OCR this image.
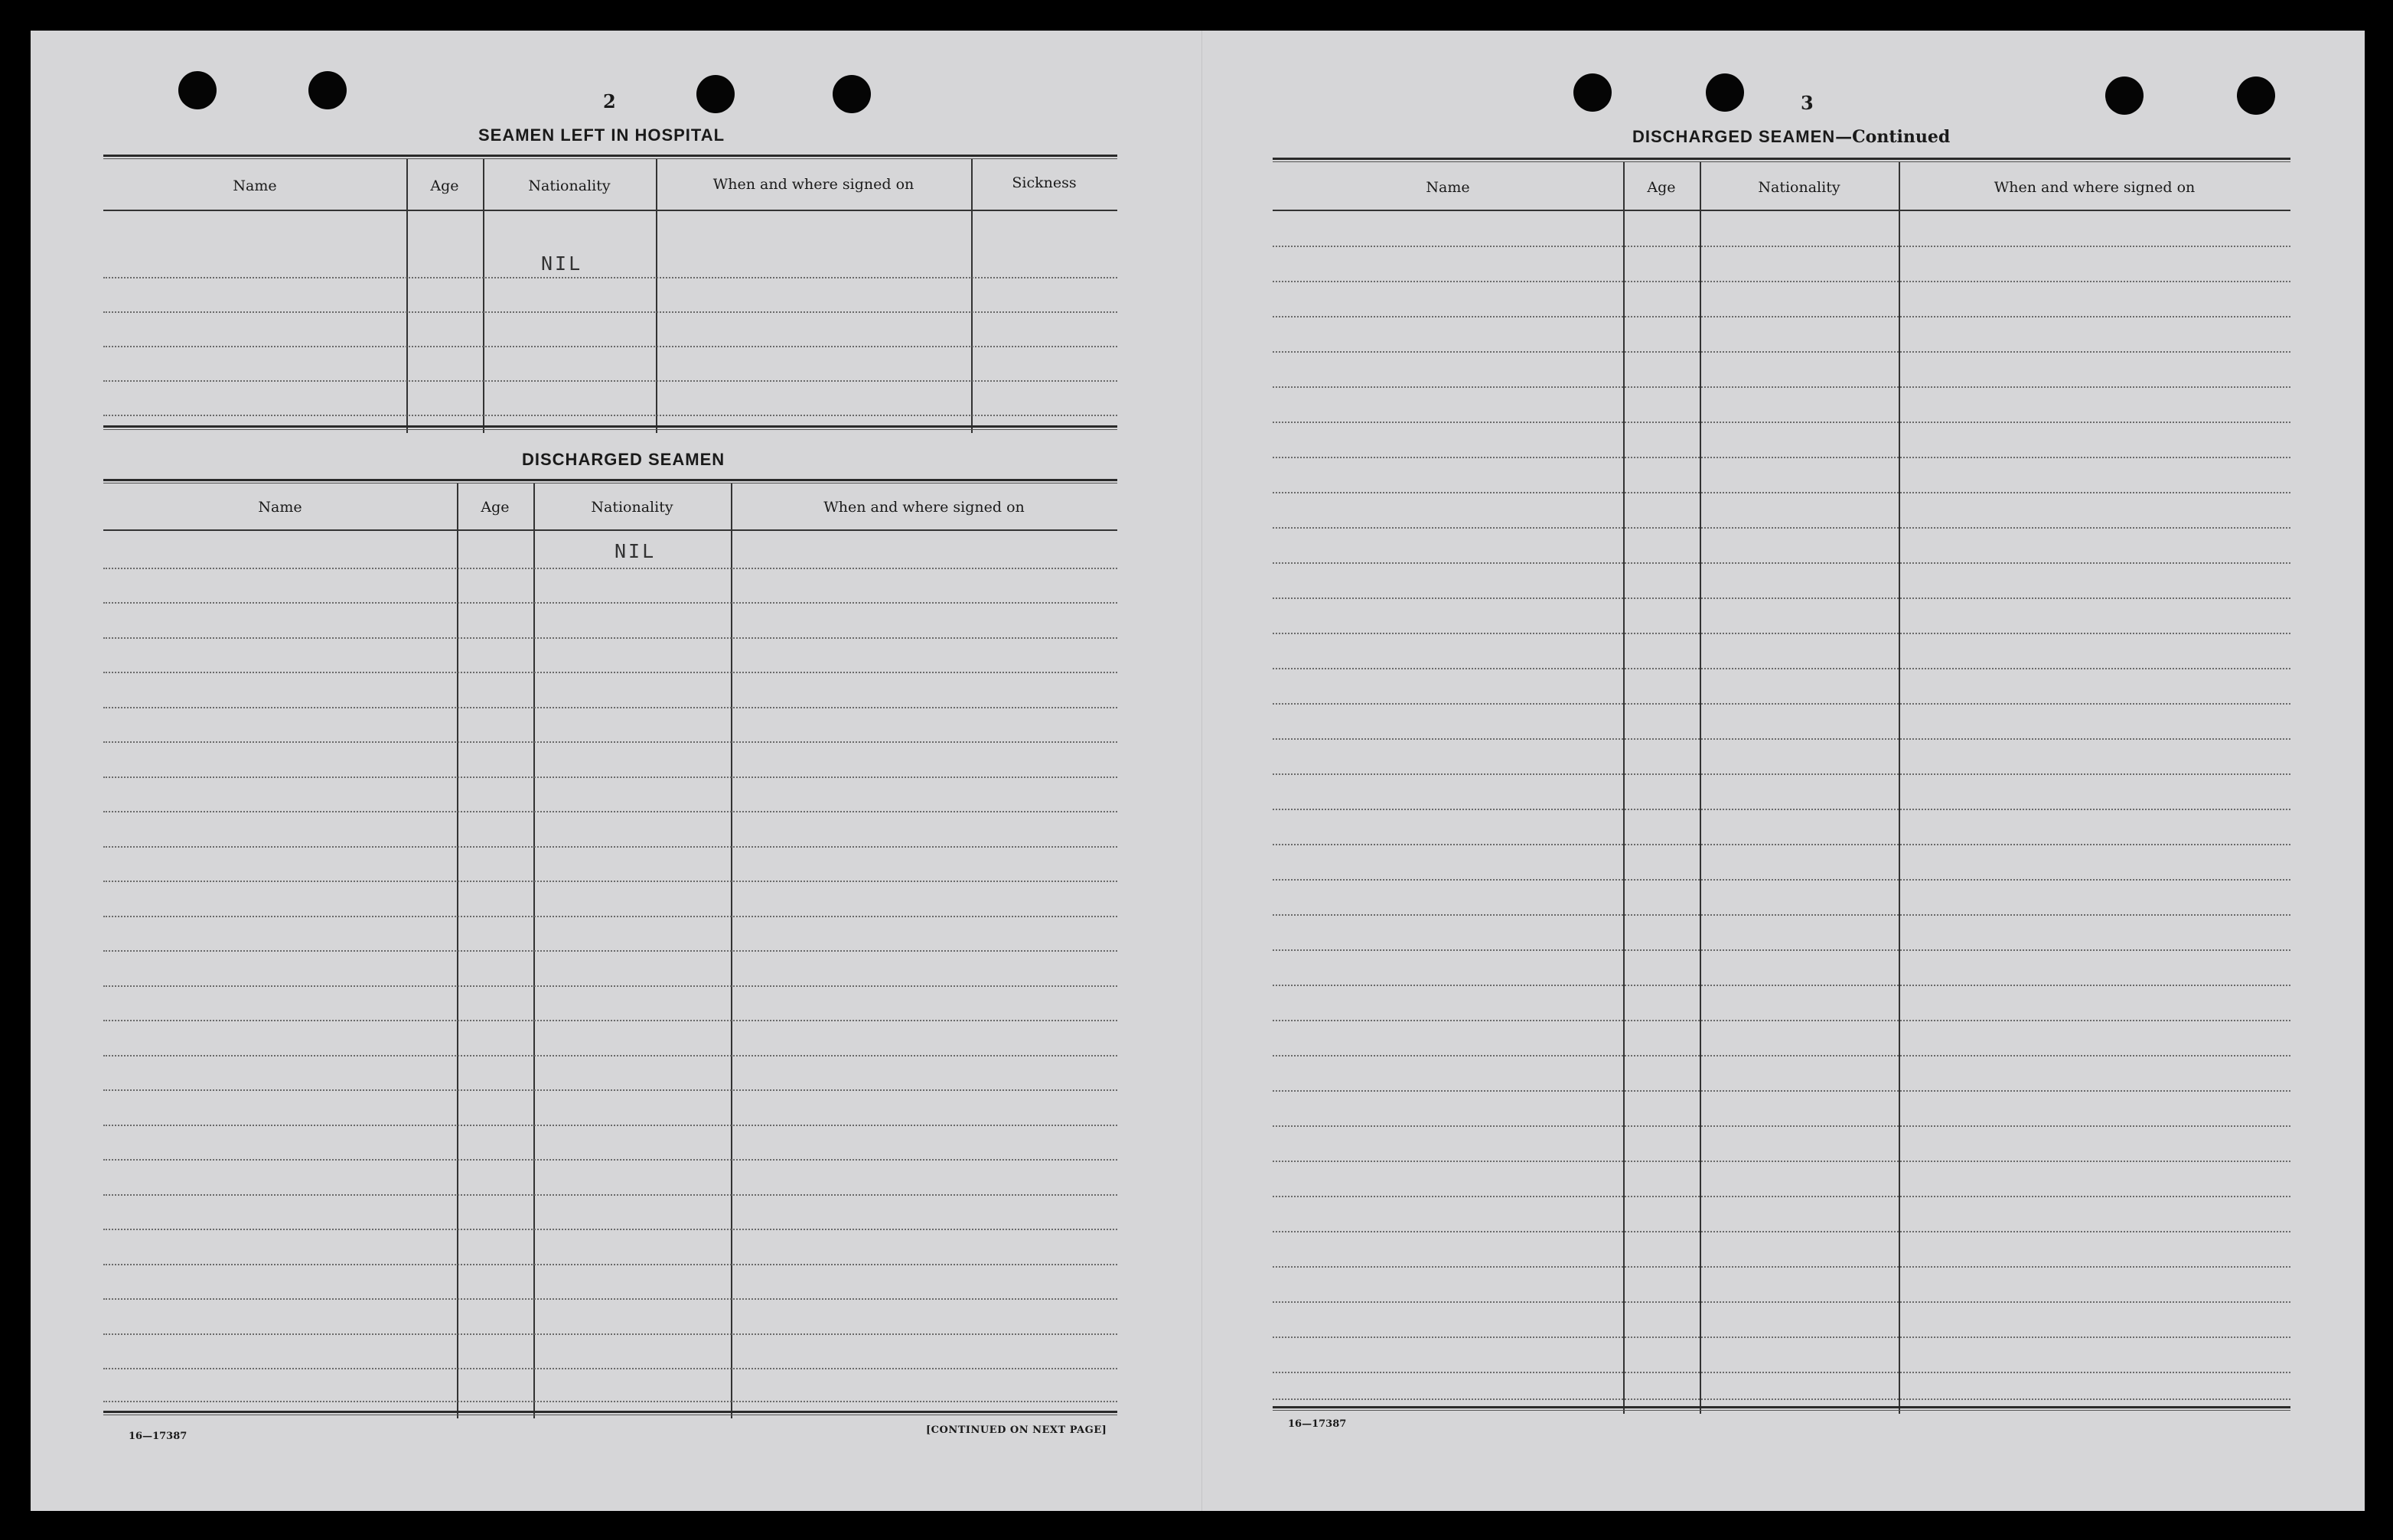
2
SEAMEN LEFT IN HOSPITAL
Name	Age	Nationality	When and where signed on	Sickness
NIL
DISCHARGED SEAMEN
Name	Age	Nationality	When and where signed on
NIL
16—17387
[CONTINUED ON NEXT PAGE]
3
DISCHARGED SEAMEN—Continued
Name	Age	Nationality	When and where signed on
16—17387
